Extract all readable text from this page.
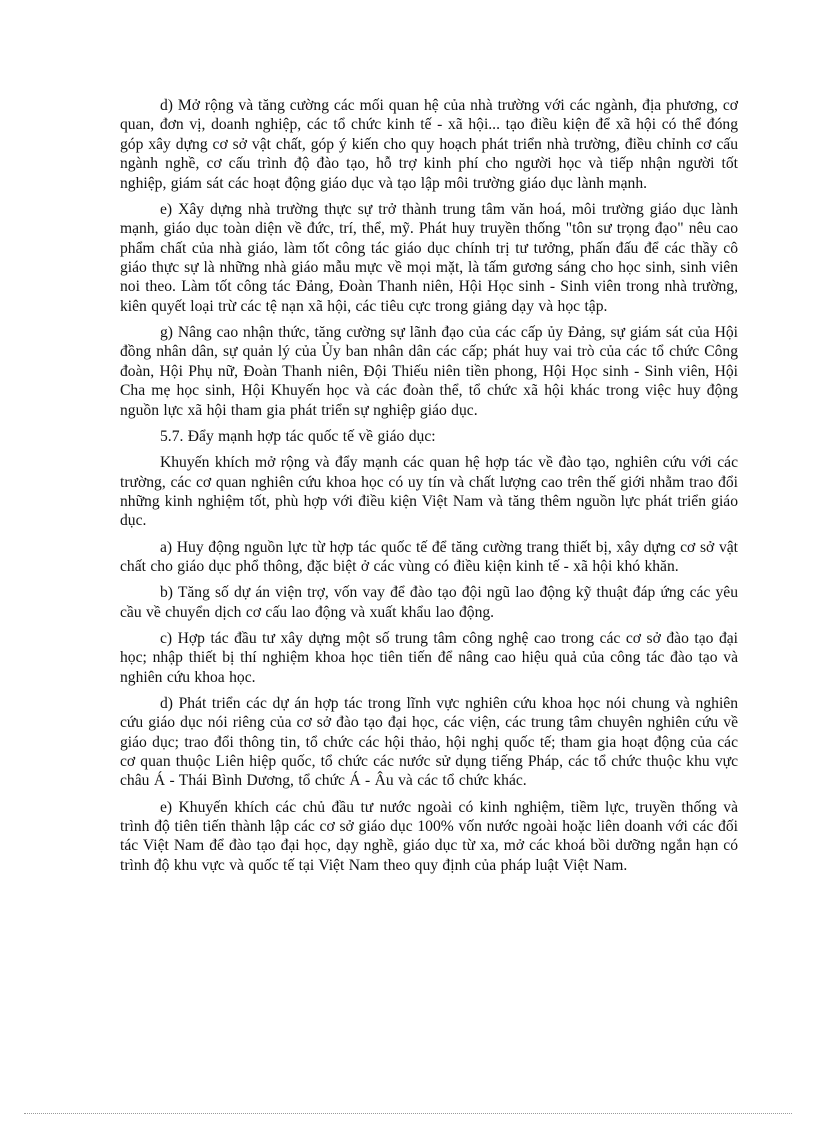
d) Mở rộng và tăng cường các mối quan hệ của nhà trường với các ngành, địa phương, cơ quan, đơn vị, doanh nghiệp, các tổ chức kinh tế - xã hội... tạo điều kiện để xã hội có thể đóng góp xây dựng cơ sở vật chất, góp ý kiến cho quy hoạch phát triển nhà trường, điều chỉnh cơ cấu ngành nghề, cơ cấu trình độ đào tạo, hỗ trợ kinh phí cho người học và tiếp nhận người tốt nghiệp, giám sát các hoạt động giáo dục và tạo lập môi trường giáo dục lành mạnh.

e) Xây dựng nhà trường thực sự trở thành trung tâm văn hoá, môi trường giáo dục lành mạnh, giáo dục toàn diện về đức, trí, thể, mỹ. Phát huy truyền thống "tôn sư trọng đạo" nêu cao phẩm chất của nhà giáo, làm tốt công tác giáo dục chính trị tư tưởng, phấn đấu để các thầy cô giáo thực sự là những nhà giáo mẫu mực về mọi mặt, là tấm gương sáng cho học sinh, sinh viên noi theo. Làm tốt công tác Đảng, Đoàn Thanh niên, Hội Học sinh - Sinh viên trong nhà trường, kiên quyết loại trừ các tệ nạn xã hội, các tiêu cực trong giảng dạy và học tập.

g) Nâng cao nhận thức, tăng cường sự lãnh đạo của các cấp ủy Đảng, sự giám sát của Hội đồng nhân dân, sự quản lý của Ủy ban nhân dân các cấp; phát huy vai trò của các tổ chức Công đoàn, Hội Phụ nữ, Đoàn Thanh niên, Đội Thiếu niên tiền phong, Hội Học sinh - Sinh viên, Hội Cha mẹ học sinh, Hội Khuyến học và các đoàn thể, tổ chức xã hội khác trong việc huy động nguồn lực xã hội tham gia phát triển sự nghiệp giáo dục.

5.7. Đẩy mạnh hợp tác quốc tế về giáo dục:

Khuyến khích mở rộng và đẩy mạnh các quan hệ hợp tác về đào tạo, nghiên cứu với các trường, các cơ quan nghiên cứu khoa học có uy tín và chất lượng cao trên thế giới nhằm trao đổi những kinh nghiệm tốt, phù hợp với điều kiện Việt Nam và tăng thêm nguồn lực phát triển giáo dục.

a) Huy động nguồn lực từ hợp tác quốc tế để tăng cường trang thiết bị, xây dựng cơ sở vật chất cho giáo dục phổ thông, đặc biệt ở các vùng có điều kiện kinh tế - xã hội khó khăn.

b) Tăng số dự án viện trợ, vốn vay để đào tạo đội ngũ lao động kỹ thuật đáp ứng các yêu cầu về chuyển dịch cơ cấu lao động và xuất khẩu lao động.

c) Hợp tác đầu tư xây dựng một số trung tâm công nghệ cao trong các cơ sở đào tạo đại học; nhập thiết bị thí nghiệm khoa học tiên tiến để nâng cao hiệu quả của công tác đào tạo và nghiên cứu khoa học.

d) Phát triển các dự án hợp tác trong lĩnh vực nghiên cứu khoa học nói chung và nghiên cứu giáo dục nói riêng của cơ sở đào tạo đại học, các viện, các trung tâm chuyên nghiên cứu về giáo dục; trao đổi thông tin, tổ chức các hội thảo, hội nghị quốc tế; tham gia hoạt động của các cơ quan thuộc Liên hiệp quốc, tổ chức các nước sử dụng tiếng Pháp, các tổ chức thuộc khu vực châu Á - Thái Bình Dương, tổ chức Á - Âu và các tổ chức khác.

e) Khuyến khích các chủ đầu tư nước ngoài có kinh nghiệm, tiềm lực, truyền thống và trình độ tiên tiến thành lập các cơ sở giáo dục 100% vốn nước ngoài hoặc liên doanh với các đối tác Việt Nam để đào tạo đại học, dạy nghề, giáo dục từ xa, mở các khoá bồi dưỡng ngắn hạn có trình độ khu vực và quốc tế tại Việt Nam theo quy định của pháp luật Việt Nam.
